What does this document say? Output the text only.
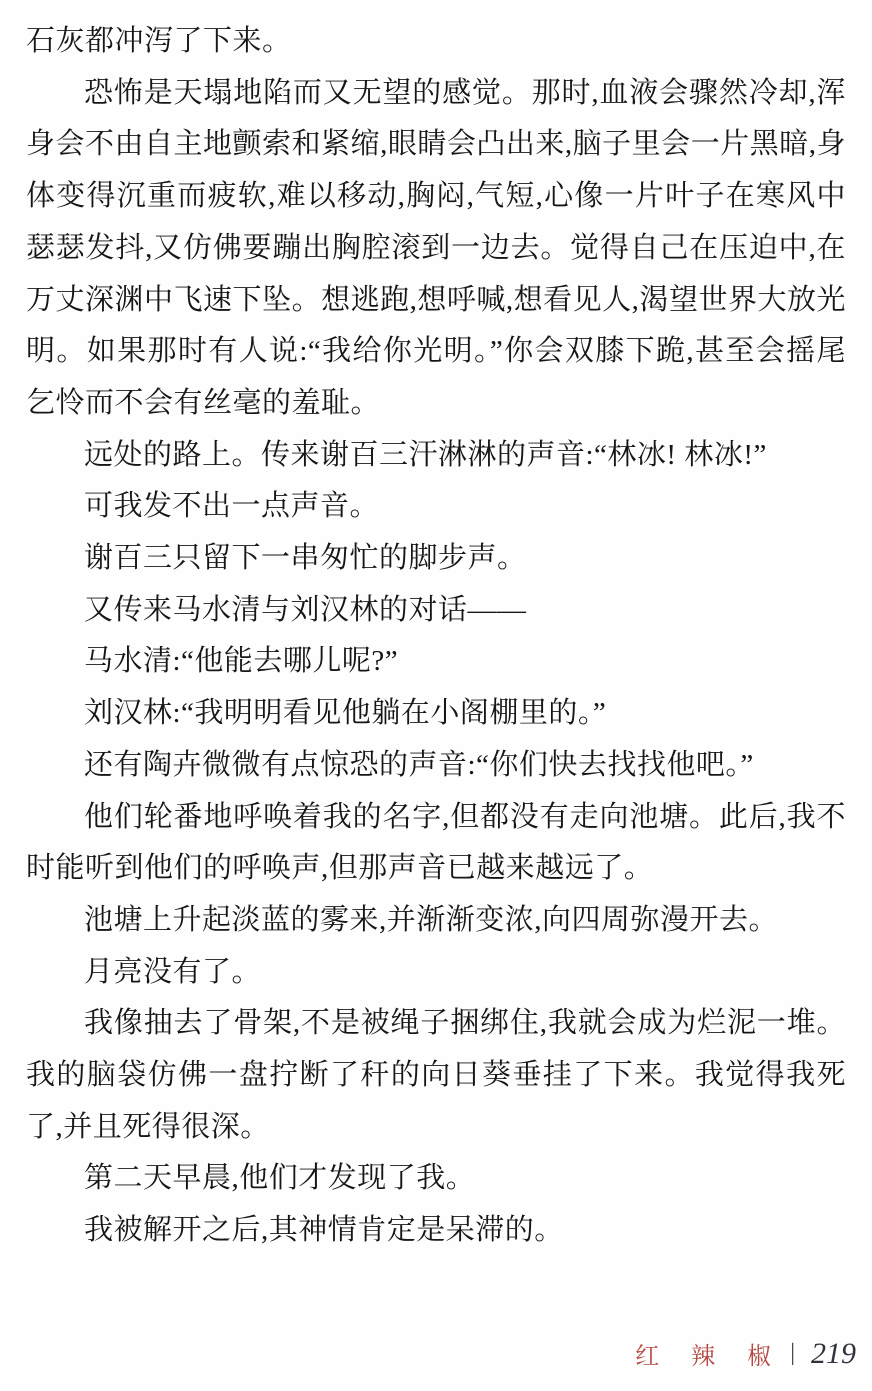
石灰都冲泻了下来。

恐怖是天塌地陷而又无望的感觉。那时,血液会骤然冷却,浑身会不由自主地颤索和紧缩,眼睛会凸出来,脑子里会一片黑暗,身体变得沉重而疲软,难以移动,胸闷,气短,心像一片叶子在寒风中瑟瑟发抖,又仿佛要蹦出胸腔滚到一边去。觉得自己在压迫中,在万丈深渊中飞速下坠。想逃跑,想呼喊,想看见人,渴望世界大放光明。如果那时有人说:“我给你光明。”你会双膝下跪,甚至会摇尾乞怜而不会有丝毫的羞耻。

远处的路上。传来谢百三汗淋淋的声音:“林冰! 林冰!”

可我发不出一点声音。

谢百三只留下一串匆忙的脚步声。

又传来马水清与刘汉林的对话——

马水清:“他能去哪儿呢?”

刘汉林:“我明明看见他躺在小阁棚里的。”

还有陶卉微微有点惊恐的声音:“你们快去找找他吧。”

他们轮番地呼唤着我的名字,但都没有走向池塘。此后,我不时能听到他们的呼唤声,但那声音已越来越远了。

池塘上升起淡蓝的雾来,并渐渐变浓,向四周弥漫开去。

月亮没有了。

我像抽去了骨架,不是被绳子捆绑住,我就会成为烂泥一堆。我的脑袋仿佛一盘拧断了秆的向日葵垂挂了下来。我觉得我死了,并且死得很深。

第二天早晨,他们才发现了我。

我被解开之后,其神情肯定是呆滞的。

红 辣 椒 | 219
